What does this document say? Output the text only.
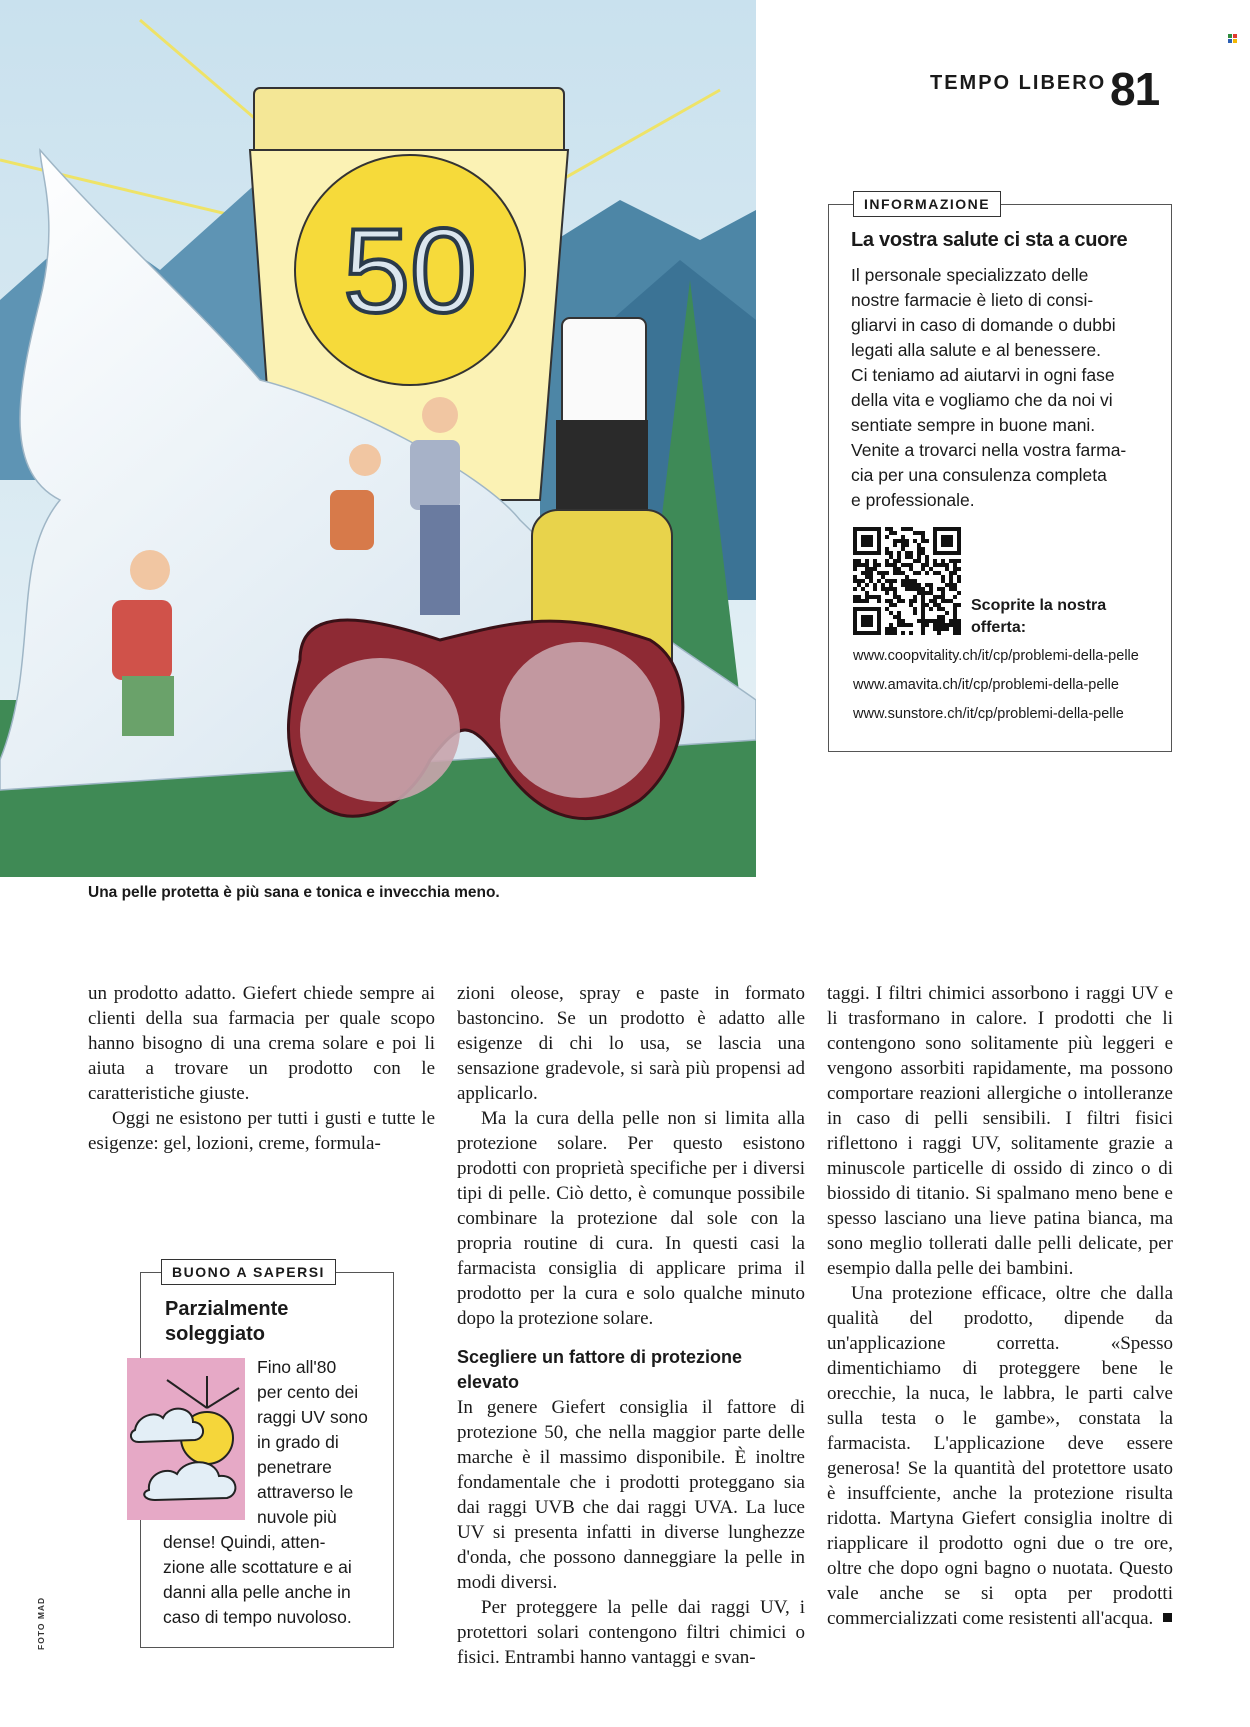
50
TEMPO LIBERO 81
INFORMAZIONE
La vostra salute ci sta a cuore
Il personale specializzato delle
nostre farmacie è lieto di consi-
gliarvi in caso di domande o dubbi
legati alla salute e al benessere.
Ci teniamo ad aiutarvi in ogni fase
della vita e vogliamo che da noi vi
sentiate sempre in buone mani.
Venite a trovarci nella vostra farma-
cia per una consulenza completa
e professionale.
Scoprite la nostra
offerta:
www.coopvitality.ch/it/cp/problemi-della-pelle
www.amavita.ch/it/cp/problemi-della-pelle
www.sunstore.ch/it/cp/problemi-della-pelle
Una pelle protetta è più sana e tonica e invecchia meno.

un prodotto adatto. Giefert chiede sempre ai clienti della sua farmacia per quale scopo hanno bisogno di una crema solare e poi li aiuta a trovare un prodotto con le caratteristiche giuste.

Oggi ne esistono per tutti i gusti e tutte le esigenze: gel, lozioni, creme, formula-

zioni oleose, spray e paste in formato bastoncino. Se un prodotto è adatto alle esigenze di chi lo usa, se lascia una sensazione gradevole, si sarà più propensi ad applicarlo.

Ma la cura della pelle non si limita alla protezione solare. Per questo esistono prodotti con proprietà specifiche per i diversi tipi di pelle. Ciò detto, è comunque possibile combinare la protezione dal sole con la propria routine di cura. In questi casi la farmacista consiglia di applicare prima il prodotto per la cura e solo qualche minuto dopo la protezione solare.

Scegliere un fattore di protezione elevato

In genere Giefert consiglia il fattore di protezione 50, che nella maggior parte delle marche è il massimo disponibile. È inoltre fondamentale che i prodotti proteggano sia dai raggi UVB che dai raggi UVA. La luce UV si presenta infatti in diverse lunghezze d'onda, che possono danneggiare la pelle in modi diversi.

Per proteggere la pelle dai raggi UV, i protettori solari contengono filtri chimici o fisici. Entrambi hanno vantaggi e svan-

taggi. I filtri chimici assorbono i raggi UV e li trasformano in calore. I prodotti che li contengono sono solitamente più leggeri e vengono assorbiti rapidamente, ma possono comportare reazioni allergiche o intolleranze in caso di pelli sensibili. I filtri fisici riflettono i raggi UV, solitamente grazie a minuscole particelle di ossido di zinco o di biossido di titanio. Si spalmano meno bene e spesso lasciano una lieve patina bianca, ma sono meglio tollerati dalle pelli delicate, per esempio dalla pelle dei bambini.

Una protezione efficace, oltre che dalla qualità del prodotto, dipende da un'applicazione corretta. «Spesso dimentichiamo di proteggere bene le orecchie, la nuca, le labbra, le parti calve sulla testa o le gambe», constata la farmacista. L'applicazione deve essere generosa! Se la quantità del protettore usato è insuffciente, anche la protezione risulta ridotta. Martyna Giefert consiglia inoltre di riapplicare il prodotto ogni due o tre ore, oltre che dopo ogni bagno o nuotata. Questo vale anche se si opta per prodotti commercializzati come resistenti all'acqua.

BUONO A SAPERSI
Parzialmente
soleggiato
Fino all'80
per cento dei
raggi UV sono
in grado di
penetrare
attraverso le
nuvole più
dense! Quindi, atten-
zione alle scottature e ai
danni alla pelle anche in
caso di tempo nuvoloso.
FOTO MAD
